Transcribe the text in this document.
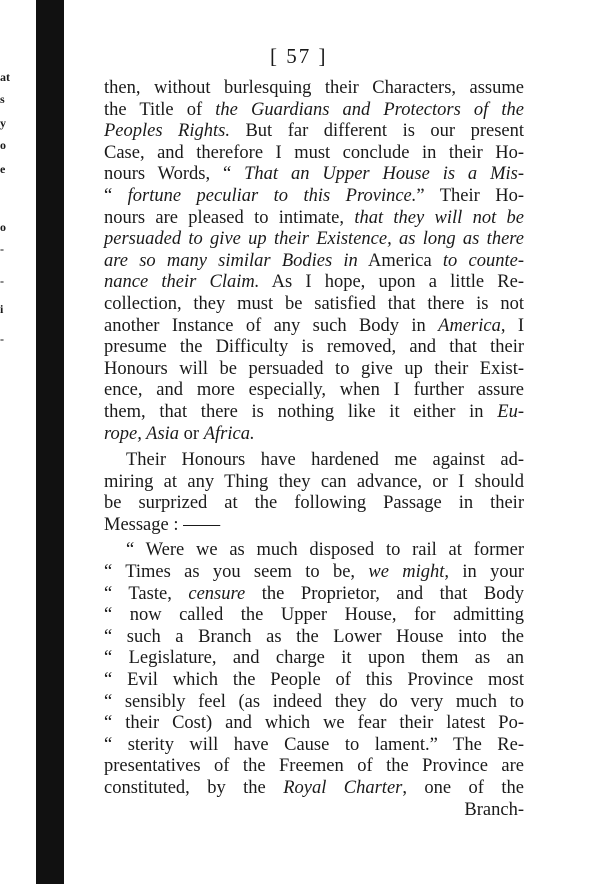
at
s
y
o
e
o
-
-
i
-
[ 57 ]
then, without burlesquing their Characters, assume
the Title of the Guardians and Protectors of the
Peoples Rights. But far different is our present
Case, and therefore I must conclude in their Ho-
nours Words, “ That an Upper House is a Mis-
“ fortune peculiar to this Province.” Their Ho-
nours are pleased to intimate, that they will not be
persuaded to give up their Existence, as long as there
are so many similar Bodies in America to counte-
nance their Claim. As I hope, upon a little Re-
collection, they must be satisfied that there is not
another Instance of any such Body in America, I
presume the Difficulty is removed, and that their
Honours will be persuaded to give up their Exist-
ence, and more especially, when I further assure
them, that there is nothing like it either in Eu-
rope, Asia or Africa.
Their Honours have hardened me against ad-
miring at any Thing they can advance, or I should
be surprized at the following Passage in their
Message : ——
“ Were we as much disposed to rail at former
“ Times as you seem to be, we might, in your
“ Taste, censure the Proprietor, and that Body
“ now called the Upper House, for admitting
“ such a Branch as the Lower House into the
“ Legislature, and charge it upon them as an
“ Evil which the People of this Province most
“ sensibly feel (as indeed they do very much to
“ their Cost) and which we fear their latest Po-
“ sterity will have Cause to lament.” The Re-
presentatives of the Freemen of the Province are
constituted, by the Royal Charter, one of the
Branch-
